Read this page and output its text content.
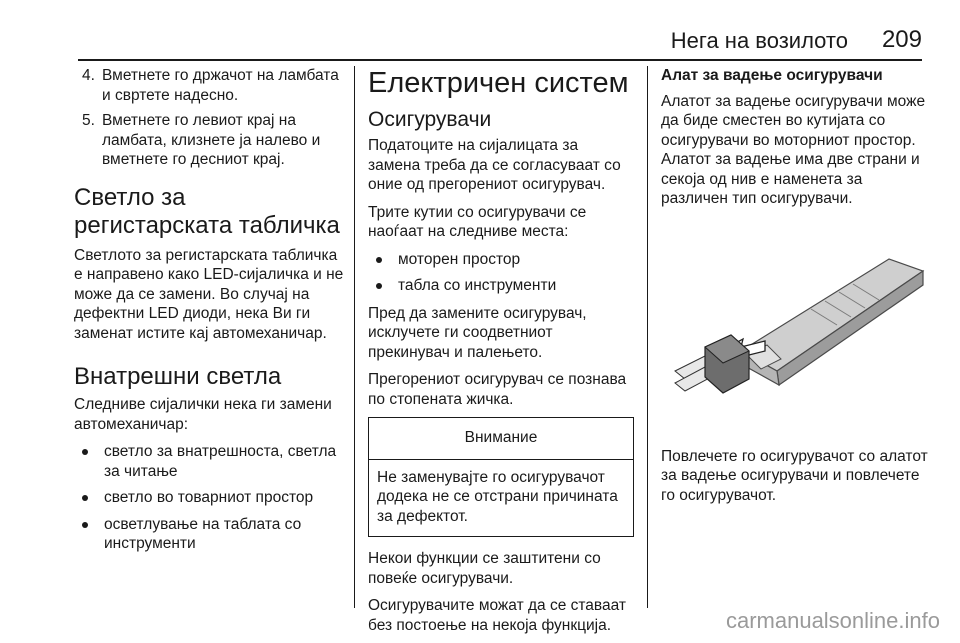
Нега на возилото 209
4. Вметнете го држачот на ламбата и свртете надесно.
5. Вметнете го левиот крај на ламбата, клизнете ја налево и вметнете го десниот крај.
Светло за регистарската табличка

Светлото за регистарската табличка е направено како LED-сијаличка и не може да се замени. Во случај на дефектни LED диоди, нека Ви ги заменат истите кај автомеханичар.

Внатрешни светла

Следниве сијалички нека ги замени автомеханичар:

светло за внатрешноста, светла за читање
светло во товарниот простор
осветлување на таблата со инструменти
Електричен систем
Осигурувачи

Податоците на сијалицата за замена треба да се согласуваат со оние од прегорениот осигурувач.

Трите кутии со осигурувачи се наоѓаат на следниве места:

моторен простор
табла со инструменти

Пред да замените осигурувач, исклучете ги соодветниот прекинувач и палењето.

Прегорениот осигурувач се познава по стопената жичка.

Внимание
Не заменувајте го осигурувачот додека не се отстрани причината за дефектот.

Некои функции се заштитени со повеќе осигурувачи.

Осигурувачите можат да се ставаат без постоење на некоја функција.

Алат за вадење осигурувачи

Алатот за вадење осигурувачи може да биде сместен во кутијата со осигурувачи во моторниот простор. Алатот за вадење има две страни и секоја од нив е наменета за различен тип осигурувачи.

Повлечете го осигурувачот со алатот за вадење осигурувачи и повлечете го осигурувачот.

carmanualsonline.info
